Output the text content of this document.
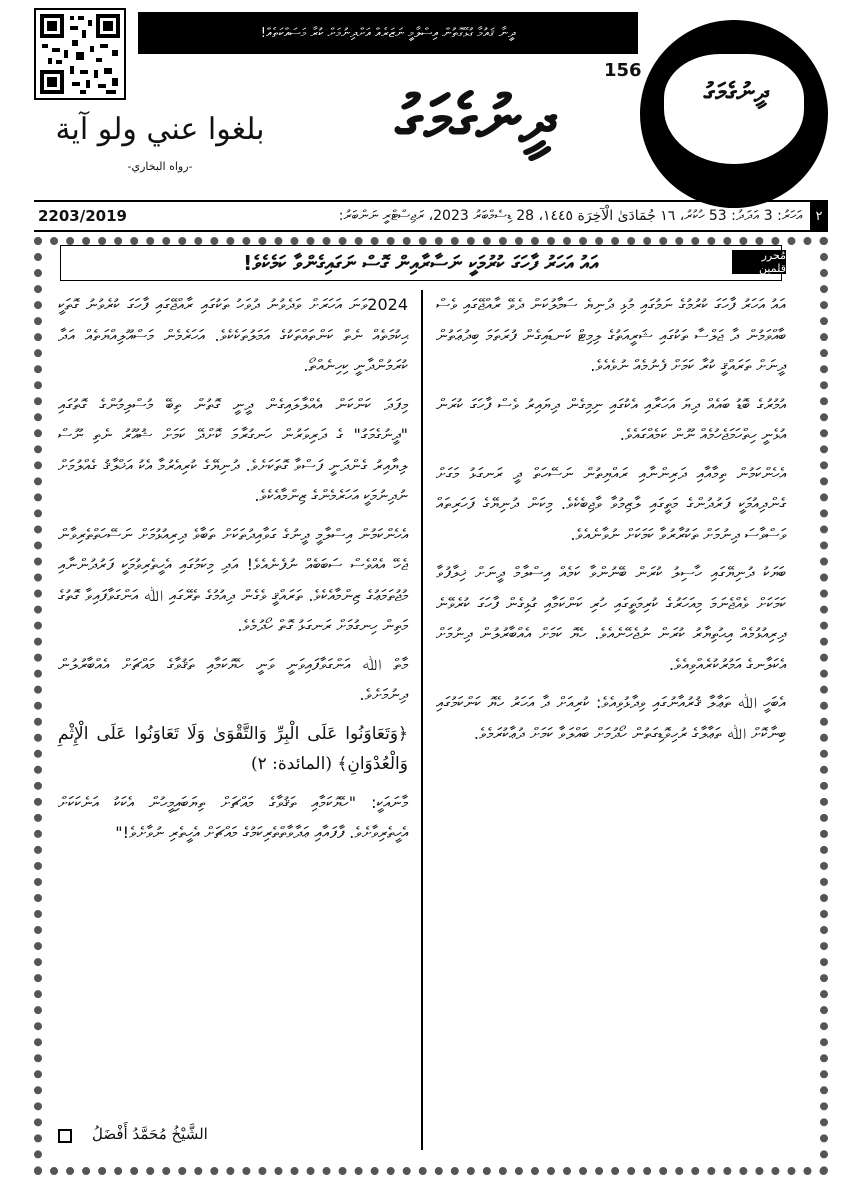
ދީނާ ޤައުމާ ގުޅޭގޮތުން އިސްލާމީ ނަޒަރެއް އަށްދިނުމަށް ކުރާ މަސައްކަތެއް!
156
ދީނުގެމަގު
ދީނުގެމަގު
بلغوا عني ولو آية
-رواه البخاري-
2203/2019	އަހަރު: 3 އަދަދު: 53 ހުކުރު، ١٦ جُمَادَىٰ الْآخِرَة ١٤٤٥، 28 ޑިސެމްބަރު 2023، ރަޖިސްޓްރީ ނަންބަރު:	٢
އައު އަހަރު ފާހަގަ ކުރުމަކީ ނަސާރާއިން ގޮސް ނަގައިގެންވާ ކަމެކެވެ!	مُحرر قلمين

އައު އަހަރު ފާހަގަ ކުރުމުގެ ނަމުގައި މުޅި ދުނިޔެ ސަމާލުކަން ދެވޭ ރާއްޖޭގައި ވެސް ބާއްވަމުން ދާ ޖަލްސާ ތަކުގައި ޝަރީއަތުގެ ލިމިޓް ކަނޑައިގެން ފުރަތަމަ ބިދުޢަތުން ދީނަށް ތަރައްޤީ ކުރާ ކަމަށް ފެނުމެއް ނުވެއެވެ.

އުމުރުގެ ބޮޑު ބައެއް ދިޔަ އަހަރާއި އެކުގައި ނިމިގެން ދިޔައިރު ވެސް ފާހަގަ ކުރަން އުޅެނީ ހިތްހަމަޖެހުމެއް ނޫން ކަމެއްގައެވެ.

އެހެންކަމުން ތިމާއާއި ދަރިންނާއި ރައްޔިތުން ނަސޭހަތް ދީ ރަނގަޅު މަގަށް ގެންދިއުމަކީ ފަރުދުންގެ މަތީގައި ލާޒިމުވާ ވާޖިބެކެވެ. މިކަން ދުނިޔޭގެ ފަހަރިތައް ވަސްވާސަ ދިނުމަށް ތަކުރާރުވާ ކަމަކަށް ނުވާނެއެވެ.

ބަޔަކު ދުނިޔޭގައި ހާސިލު ކުރަން ބޭނުންވާ ކަމެއް އިސްލާމް ދީނަށް ޚިލާފުވާ ކަމަކަށް ވެއްޖެނަމަ މިއަހަރުގެ ކުރިމަތީގައި ހުރި ކަންކަމާއި ގުޅިގެން ފާހަގަ ކުރެވޭނެ ދިރިއުޅުމެއް އިޙުތިޔާރު ކުރަން ނުޖެހޭނެއެވެ. ހެޔޮ ކަމަށް އެއްބާރުލުން ދިނުމަށް އެކަލާނގެ އަމުރުކުރެއްވިއެވެ.

އެބަހީ ﷲ ތަޢާލާ ޤުރުއާނުގައި ވިދާޅުވިއެވެ: ކުރިއަށް ދާ އަހަރު ހެޔޮ ކަންކަމުގައި ބިނާކޮށް ﷲ ތަޢާލާގެ ރުހިވޮޑިގަތުން ހޯދުމަށް ބައްލަވާ ކަމަށް ދުޢާކުރަމެވެ.

2024ވަނަ އަހަރަށް ވަދެވުނު ދުވަހު ތަކުގައި ރާއްޖޭގައި ފާހަގަ ކުރެވުނު ގޮތަކީ ޙިކުމަތެއް ނެތް ކަންތައްތަކުގެ އަމަލުތަކެކެވެ. އަހަރެމެން މަސްއޫލިއްޔަތެއް އަދާ ކުރަމުންދާނީ ކިހިނެއްތޯ.

މިފަދަ ކަންކަން އެއްލާލައިގެން ދީނީ ގޮތުން ތިބޭ މުސްލިމުންގެ ގޮތުގައި "ދީނުގެމަގު" ގެ ދަރިވަރުން ހަނގުރާމަ ކޮށްދޭ ކަމަށް ޝުއޫރު ނެތި ނޫސް ލިޔާއިރު ގެންދަނީ ފަސްވާ ގޮތަކަށެވެ. ދުނިޔޭގެ ކުރިއެރުމާ އެކު އަޚްލާޤު ގެއްލުމަށް ނުދިނުމަކީ އަހަރެމެންގެ ޒިންމާއެކެވެ.

އެހެންކަމުން އިސްލާމީ ދީނުގެ ގަވާއިދުތަކަށް ތަބާވެ ދިރިއުޅުމަށް ނަސޭހަތްތެރިވާން ޖެހޭ އެއްވެސް ސަބަބެއް ނުފެނެއެވެ! އަދި މިކަމުގައި އެހީތެރިވުމަކީ ފަރުދުންނާއި މުޖުތަމަޢުގެ ޒިންމާއެކެވެ. ތަރައްޤީ ވެގެން ދިއުމުގެ ތެރޭގައި ﷲ އަންގަވާފައިވާ ގޮތުގެ މަތިން ހިނގުމަށް ރަނގަޅު ގޮތް ހޯދުމެވެ.

މާތް ﷲ އަންގަވާފައިވަނީ ވަނީ ހެޔޮކަމާއި ތަޤުވާގެ މައްޗަށް އެއްބާރުލުން ދިނުމަށެވެ.

﴿وَتَعَاوَنُوا عَلَى الْبِرِّ وَالتَّقْوَىٰ وَلَا تَعَاوَنُوا عَلَى الْإِثْمِ وَالْعُدْوَانِ﴾ (المائدة: ٢)

މާނައަކީ: "ހެޔޮކަމާއި ތަޤުވާގެ މައްޗަށް ތިޔަބައިމީހުން އެކަކު އަނެކަކަށް އެހީތެރިވާށެވެ. ފާފައާއި ޢަދާވާތްތެރިކަމުގެ މައްޗަށް އެހީތެރި ނުވާށެވެ!"

الشَّيْخُ مُحَمَّدُ أَفْضَلُ
